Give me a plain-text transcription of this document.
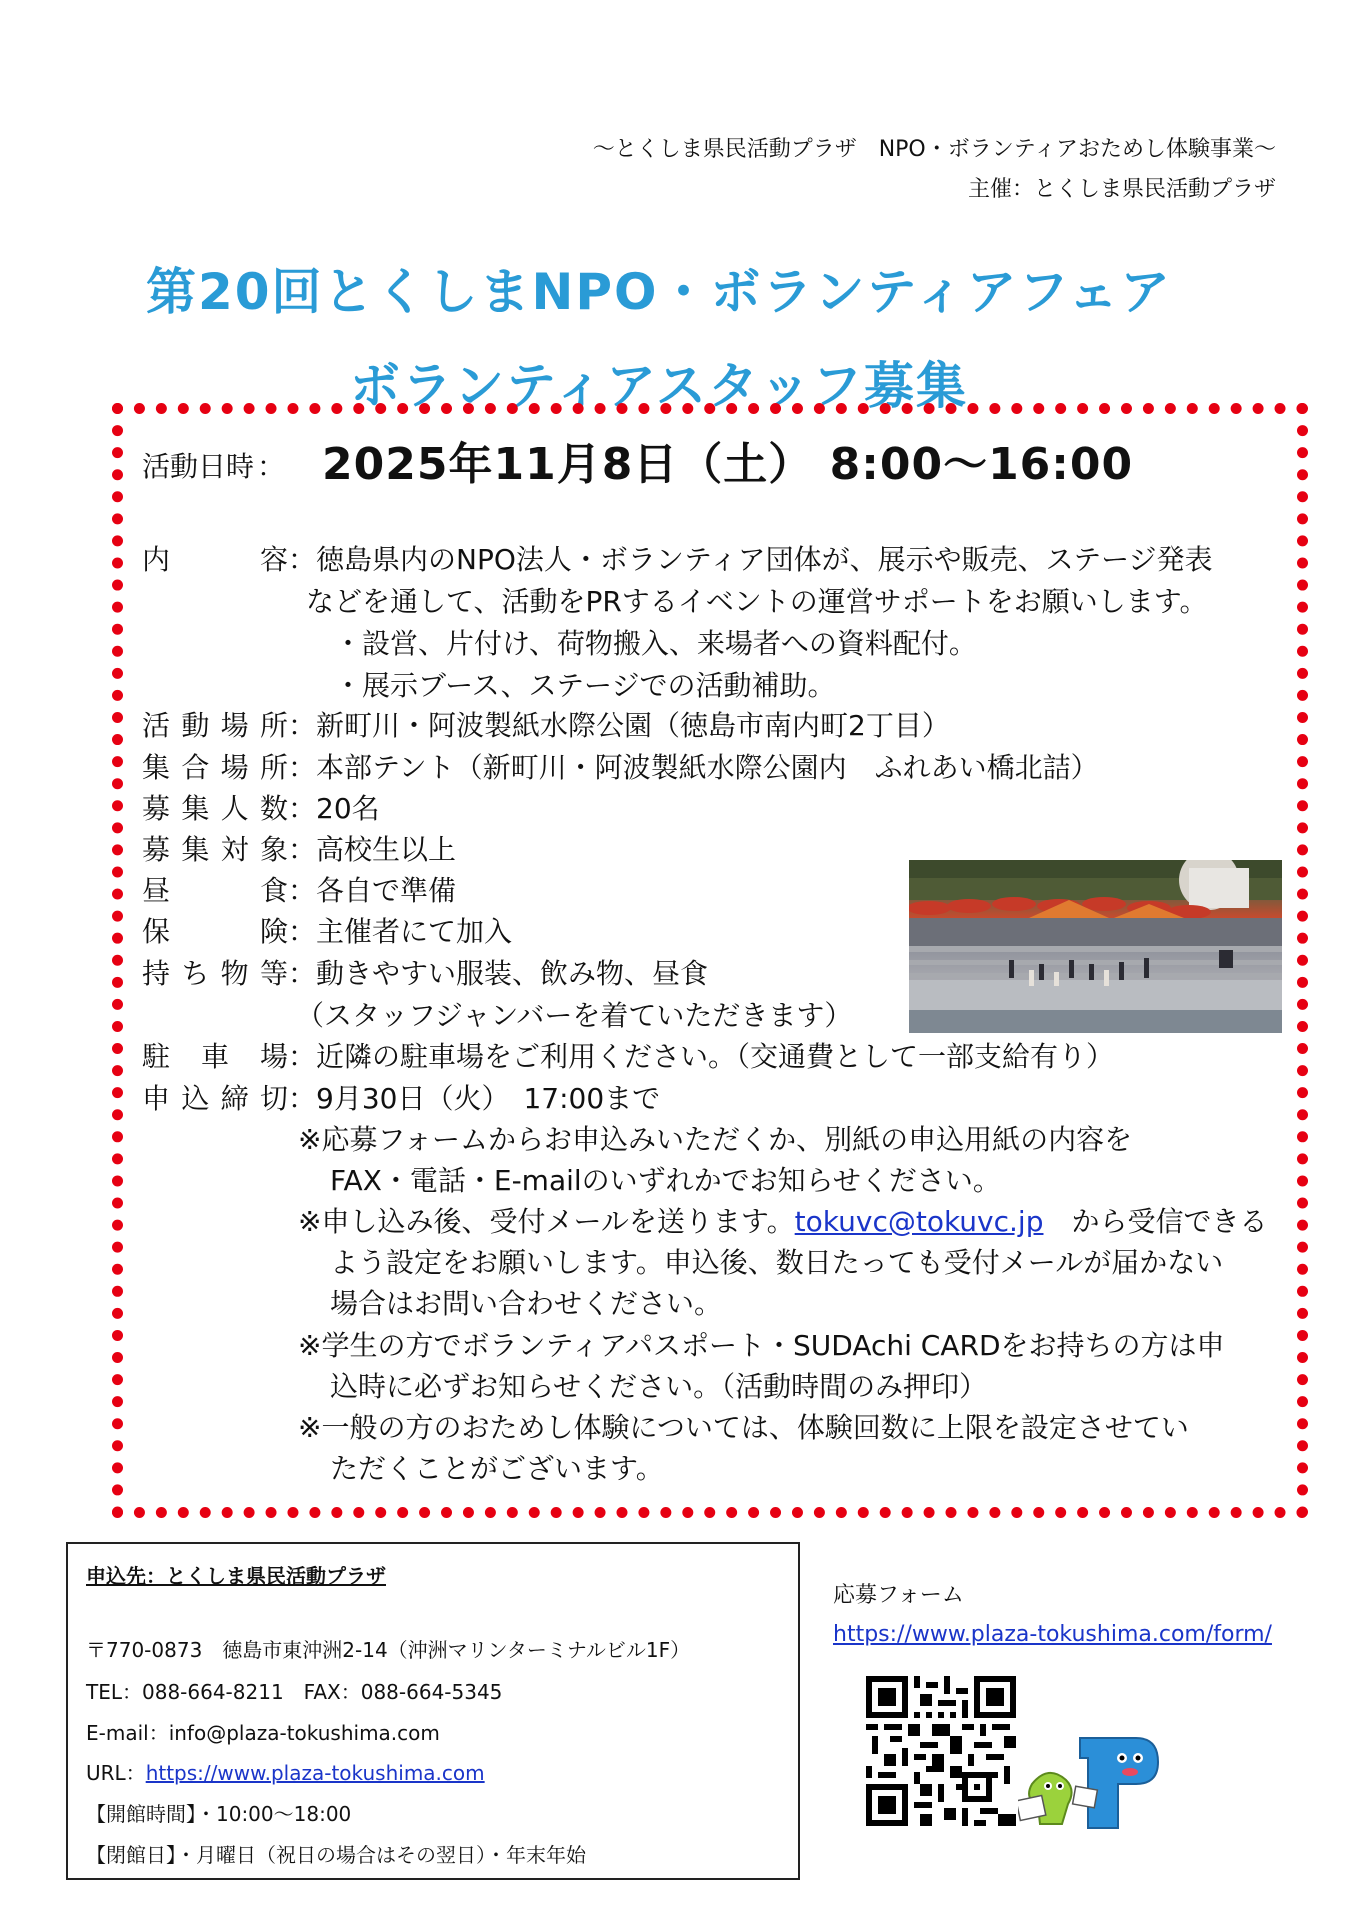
～とくしま県民活動プラザ　NPO・ボランティアおためし体験事業～
主催：とくしま県民活動プラザ
第20回とくしまNPO・ボランティアフェア
ボランティアスタッフ募集
活動日時 ： 2025年11月8日（土） 8:00～16:00
内　　容：徳島県内のNPO法人・ボランティア団体が、展示や販売、ステージ発表
などを通して、活動をPRするイベントの運営サポートをお願いします。
・設営、片付け、荷物搬入、来場者への資料配付。
・展示ブース、ステージでの活動補助。
活動場所：新町川・阿波製紙水際公園（徳島市南内町2丁目）
集合場所：本部テント（新町川・阿波製紙水際公園内　ふれあい橋北詰）
募集人数：20名
募集対象：高校生以上
昼　　食：各自で準備
保　　険：主催者にて加入
持ち物等：動きやすい服装、飲み物、昼食
（スタッフジャンバーを着ていただきます）
駐 車 場：近隣の駐車場をご利用ください。（交通費として一部支給有り）
申込締切：9月30日（火）　17:00まで
※応募フォームからお申込みいただくか、別紙の申込用紙の内容を
FAX・電話・E-mailのいずれかでお知らせください。
※申し込み後、受付メールを送ります。tokuvc@tokuvc.jp　から受信できる
よう設定をお願いします。申込後、数日たっても受付メールが届かない
場合はお問い合わせください。
※学生の方でボランティアパスポート・SUDAchi CARDをお持ちの方は申
込時に必ずお知らせください。（活動時間のみ押印）
※一般の方のおためし体験については、体験回数に上限を設定させてい
ただくことがございます。
申込先：とくしま県民活動プラザ
〒770-0873　徳島市東沖洲2-14（沖洲マリンターミナルビル1F）
TEL：088-664-8211　FAX：088-664-5345
E-mail：info@plaza-tokushima.com
URL：https://www.plaza-tokushima.com
【開館時間】・10:00～18:00
【閉館日】・月曜日（祝日の場合はその翌日）・年末年始
応募フォーム
https://www.plaza-tokushima.com/form/
